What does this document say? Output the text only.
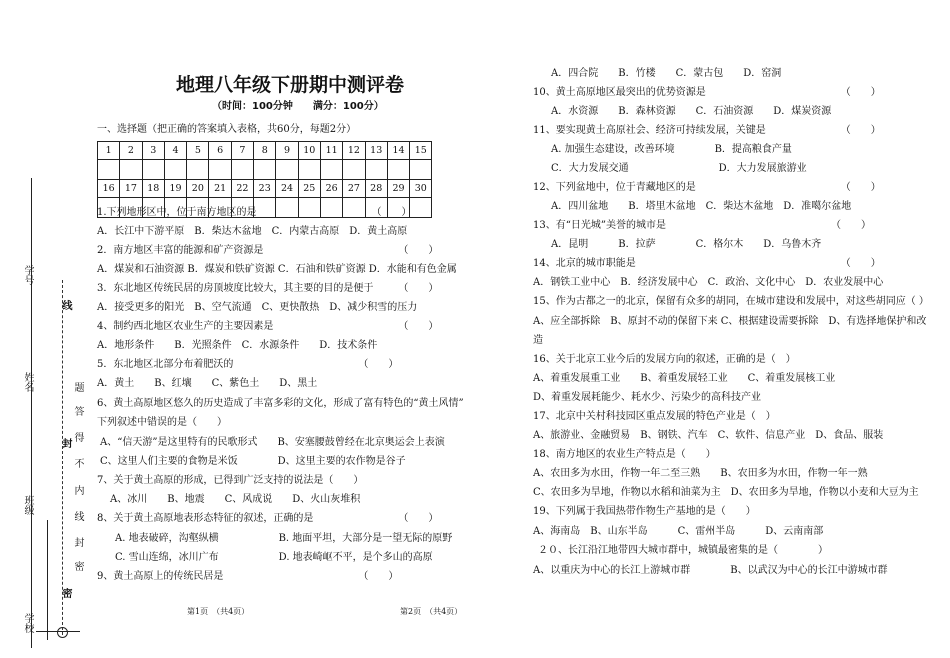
学号
姓名
班级
学校
线
封
密
题
答
得
不
内
线
封
密
地理八年级下册期中测评卷
（时间：100分钟　　满分：100分）
一、选择题（把正确的答案填入表格，共60分，每题2分）
1	2	3	4	5	6	7	8	9	10	11	12	13	14	15

16	17	18	19	20	21	22	23	24	25	26	27	28	29	30

1.下列地形区中，位于南方地区的是　　　　　　　　　　　　（　　）
A．长江中下游平原　B．柴达木盆地　C．内蒙古高原　D．黄土高原
2．南方地区丰富的能源和矿产资源是　　　　　　　　　　　　　　（　　）
A．煤炭和石油资源 B．煤炭和铁矿资源 C．石油和铁矿资源 D．水能和有色金属
3．东北地区传统民居的房顶坡度比较大，其主要的目的是便于　　　（　　）
A．接受更多的阳光　B、空气流通　C、更快散热　D、减少积雪的压力
4、制约西北地区农业生产的主要因素是　　　　　　　　　　　　　（　　）
A．地形条件　　B．光照条件　C．水源条件　　D．技术条件
5．东北地区北部分布着肥沃的　　　　　　　　　　　　　（　　）
A．黄土　　B、红壤　　C、紫色土　　D、黑土
6、黄土高原地区悠久的历史造成了丰富多彩的文化，形成了富有特色的“黄土风情”
下列叙述中错误的是（　　）
A、“信天游”是这里特有的民歌形式　　B、安塞腰鼓曾经在北京奥运会上表演
C、这里人们主要的食物是米饭　　　　D、这里主要的农作物是谷子
7、关于黄土高原的形成，已得到广泛支持的说法是（　　）
A、冰川　　B、地震　　C、风成说　　D、火山灰堆积
8、关于黄土高原地表形态特征的叙述，正确的是　　　　　　　　　（　　）
A. 地表破碎，沟壑纵横　　　　　　B. 地面平坦，大部分是一望无际的原野
C. 雪山连绵，冰川广布　　　　　　D. 地表崎岖不平，是个多山的高原
9、黄土高原上的传统民居是　　　　　　　　　　　　　　（　　）
A．四合院　　B．竹楼　　C．蒙古包　　D．窑洞
10、黄土高原地区最突出的优势资源是　　　　　　　　　　　　　　（　　）
A．水资源　　B．森林资源　　C．石油资源　　D．煤炭资源
11、要实现黄土高原社会、经济可持续发展，关键是　　　　　　　　（　　）
A. 加强生态建设，改善环境　　　　B．提高粮食产量
C．大力发展交通　　　　　　　　　D．大力发展旅游业
12、下列盆地中，位于青藏地区的是　　　　　　　　　　　　　　　（　　）
A．四川盆地　　B．塔里木盆地　C．柴达木盆地　D．准噶尔盆地
13、有“日光城”美誉的城市是　　　　　　　　　　　　　　　　　（　　）
A．昆明　　　B．拉萨　　　　C．格尔木　　D．乌鲁木齐
14、北京的城市职能是　　　　　　　　　　　　　　　　　　　　　（　　）
A．钢铁工业中心　B．经济发展中心　C．政治、文化中心　D．农业发展中心
15、作为古都之一的北京，保留有众多的胡同，在城市建设和发展中，对这些胡同应（ ）
A、应全部拆除　B、原封不动的保留下来 C、根据建设需要拆除　D、有选择地保护和改
造
16、关于北京工业今后的发展方向的叙述，正确的是（　）
A、着重发展重工业　　B、着重发展轻工业　　C、着重发展核工业
D、着重发展耗能少、耗水少、污染少的高科技产业
17、北京中关村科技园区重点发展的特色产业是（　）
A、旅游业、金融贸易　B、钢铁、汽车　C、软件、信息产业　D、食品、服装
18、南方地区的农业生产特点是（　　）
A、农田多为水田，作物一年二至三熟　　B、农田多为水田，作物一年一熟
C、农田多为旱地，作物以水稻和油菜为主　D、农田多为旱地，作物以小麦和大豆为主
19、下列属于我国热带作物生产基地的是（　　）
A、海南岛　B、山东半岛　　　C、雷州半岛　　　D、云南南部
２０、长江沿江地带四大城市群中，城镇最密集的是（　　　　）
A、以重庆为中心的长江上游城市群　　　　B、以武汉为中心的长江中游城市群
第1页　（共4页）	第2页　（共4页）
